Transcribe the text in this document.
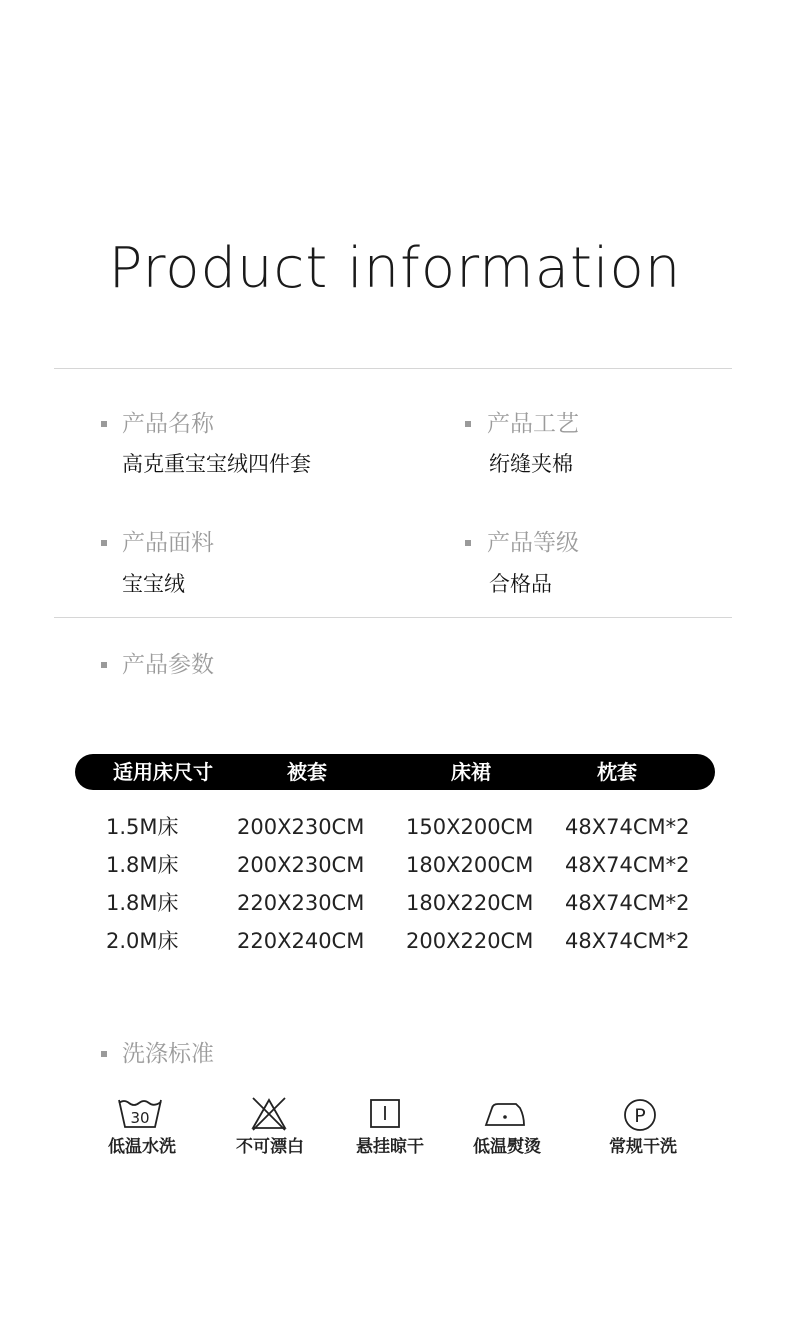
Product information
产品名称
高克重宝宝绒四件套
产品工艺
绗缝夹棉
产品面料
宝宝绒
产品等级
合格品
产品参数
适用床尺寸	被套	床裙	枕套
1.5M床	200X230CM 150X200CM 48X74CM*2
1.8M床	200X230CM 180X200CM 48X74CM*2
1.8M床	220X230CM 180X220CM 48X74CM*2
2.0M床	220X240CM 200X220CM 48X74CM*2
洗涤标准
30
低温水洗	不可漂白	悬挂晾干	低温熨烫
P
常规干洗
